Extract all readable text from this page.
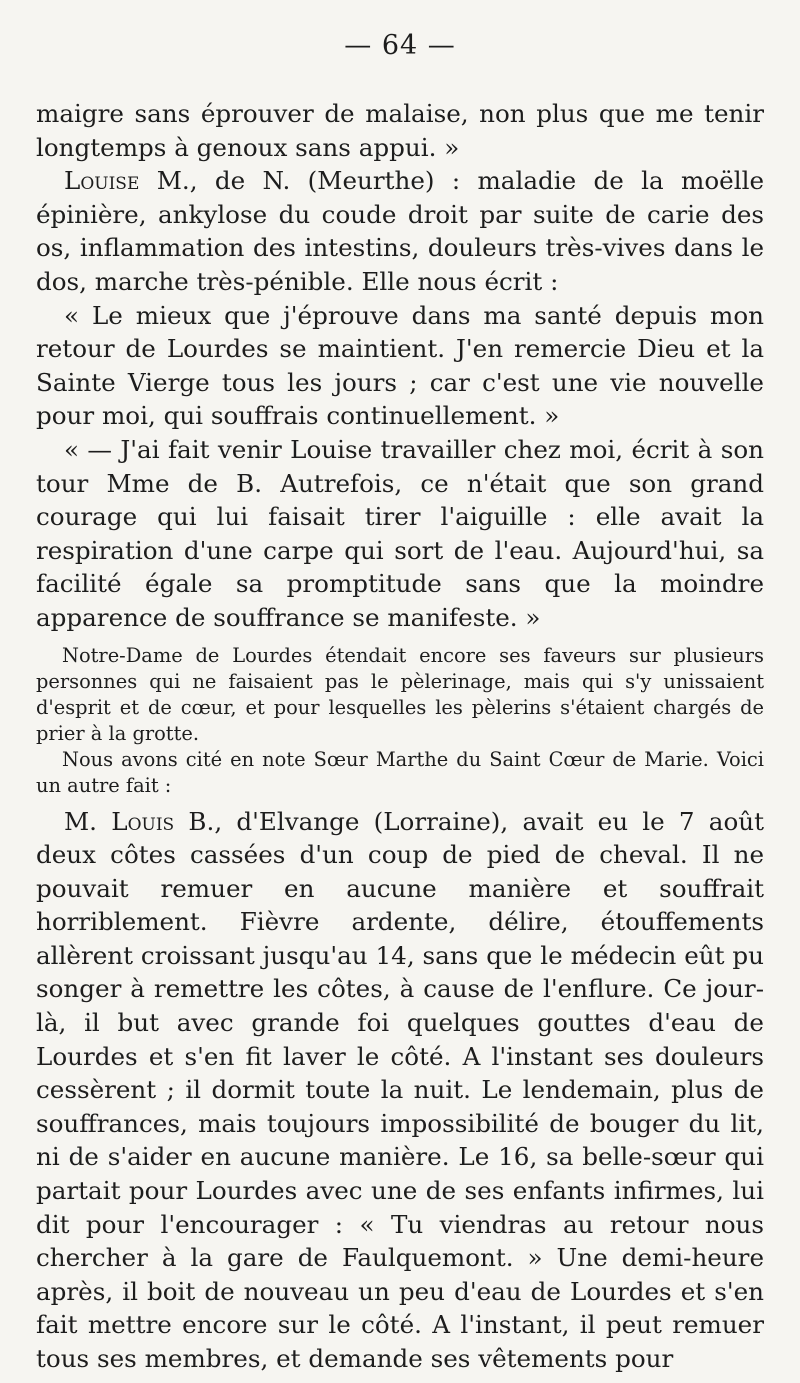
— 64 —

maigre sans éprouver de malaise, non plus que me tenir longtemps à genoux sans appui. »

Louise M., de N. (Meurthe) : maladie de la moëlle épinière, ankylose du coude droit par suite de carie des os, inflammation des intestins, douleurs très-vives dans le dos, marche très-pénible. Elle nous écrit :

« Le mieux que j'éprouve dans ma santé depuis mon retour de Lourdes se maintient. J'en remercie Dieu et la Sainte Vierge tous les jours ; car c'est une vie nouvelle pour moi, qui souffrais continuellement. »

« — J'ai fait venir Louise travailler chez moi, écrit à son tour Mme de B. Autrefois, ce n'était que son grand courage qui lui faisait tirer l'aiguille : elle avait la respiration d'une carpe qui sort de l'eau. Aujourd'hui, sa facilité égale sa promptitude sans que la moindre apparence de souffrance se manifeste. »

Notre-Dame de Lourdes étendait encore ses faveurs sur plusieurs personnes qui ne faisaient pas le pèlerinage, mais qui s'y unissaient d'esprit et de cœur, et pour lesquelles les pèlerins s'étaient chargés de prier à la grotte.

Nous avons cité en note Sœur Marthe du Saint Cœur de Marie. Voici un autre fait :

M. Louis B., d'Elvange (Lorraine), avait eu le 7 août deux côtes cassées d'un coup de pied de cheval. Il ne pouvait remuer en aucune manière et souffrait horriblement. Fièvre ardente, délire, étouffements allèrent croissant jusqu'au 14, sans que le médecin eût pu songer à remettre les côtes, à cause de l'enflure. Ce jour-là, il but avec grande foi quelques gouttes d'eau de Lourdes et s'en fit laver le côté. A l'instant ses douleurs cessèrent ; il dormit toute la nuit. Le lendemain, plus de souffrances, mais toujours impossibilité de bouger du lit, ni de s'aider en aucune manière. Le 16, sa belle-sœur qui partait pour Lourdes avec une de ses enfants infirmes, lui dit pour l'encourager : « Tu viendras au retour nous chercher à la gare de Faulquemont. » Une demi-heure après, il boit de nouveau un peu d'eau de Lourdes et s'en fait mettre encore sur le côté. A l'instant, il peut remuer tous ses membres, et demande ses vêtements pour
